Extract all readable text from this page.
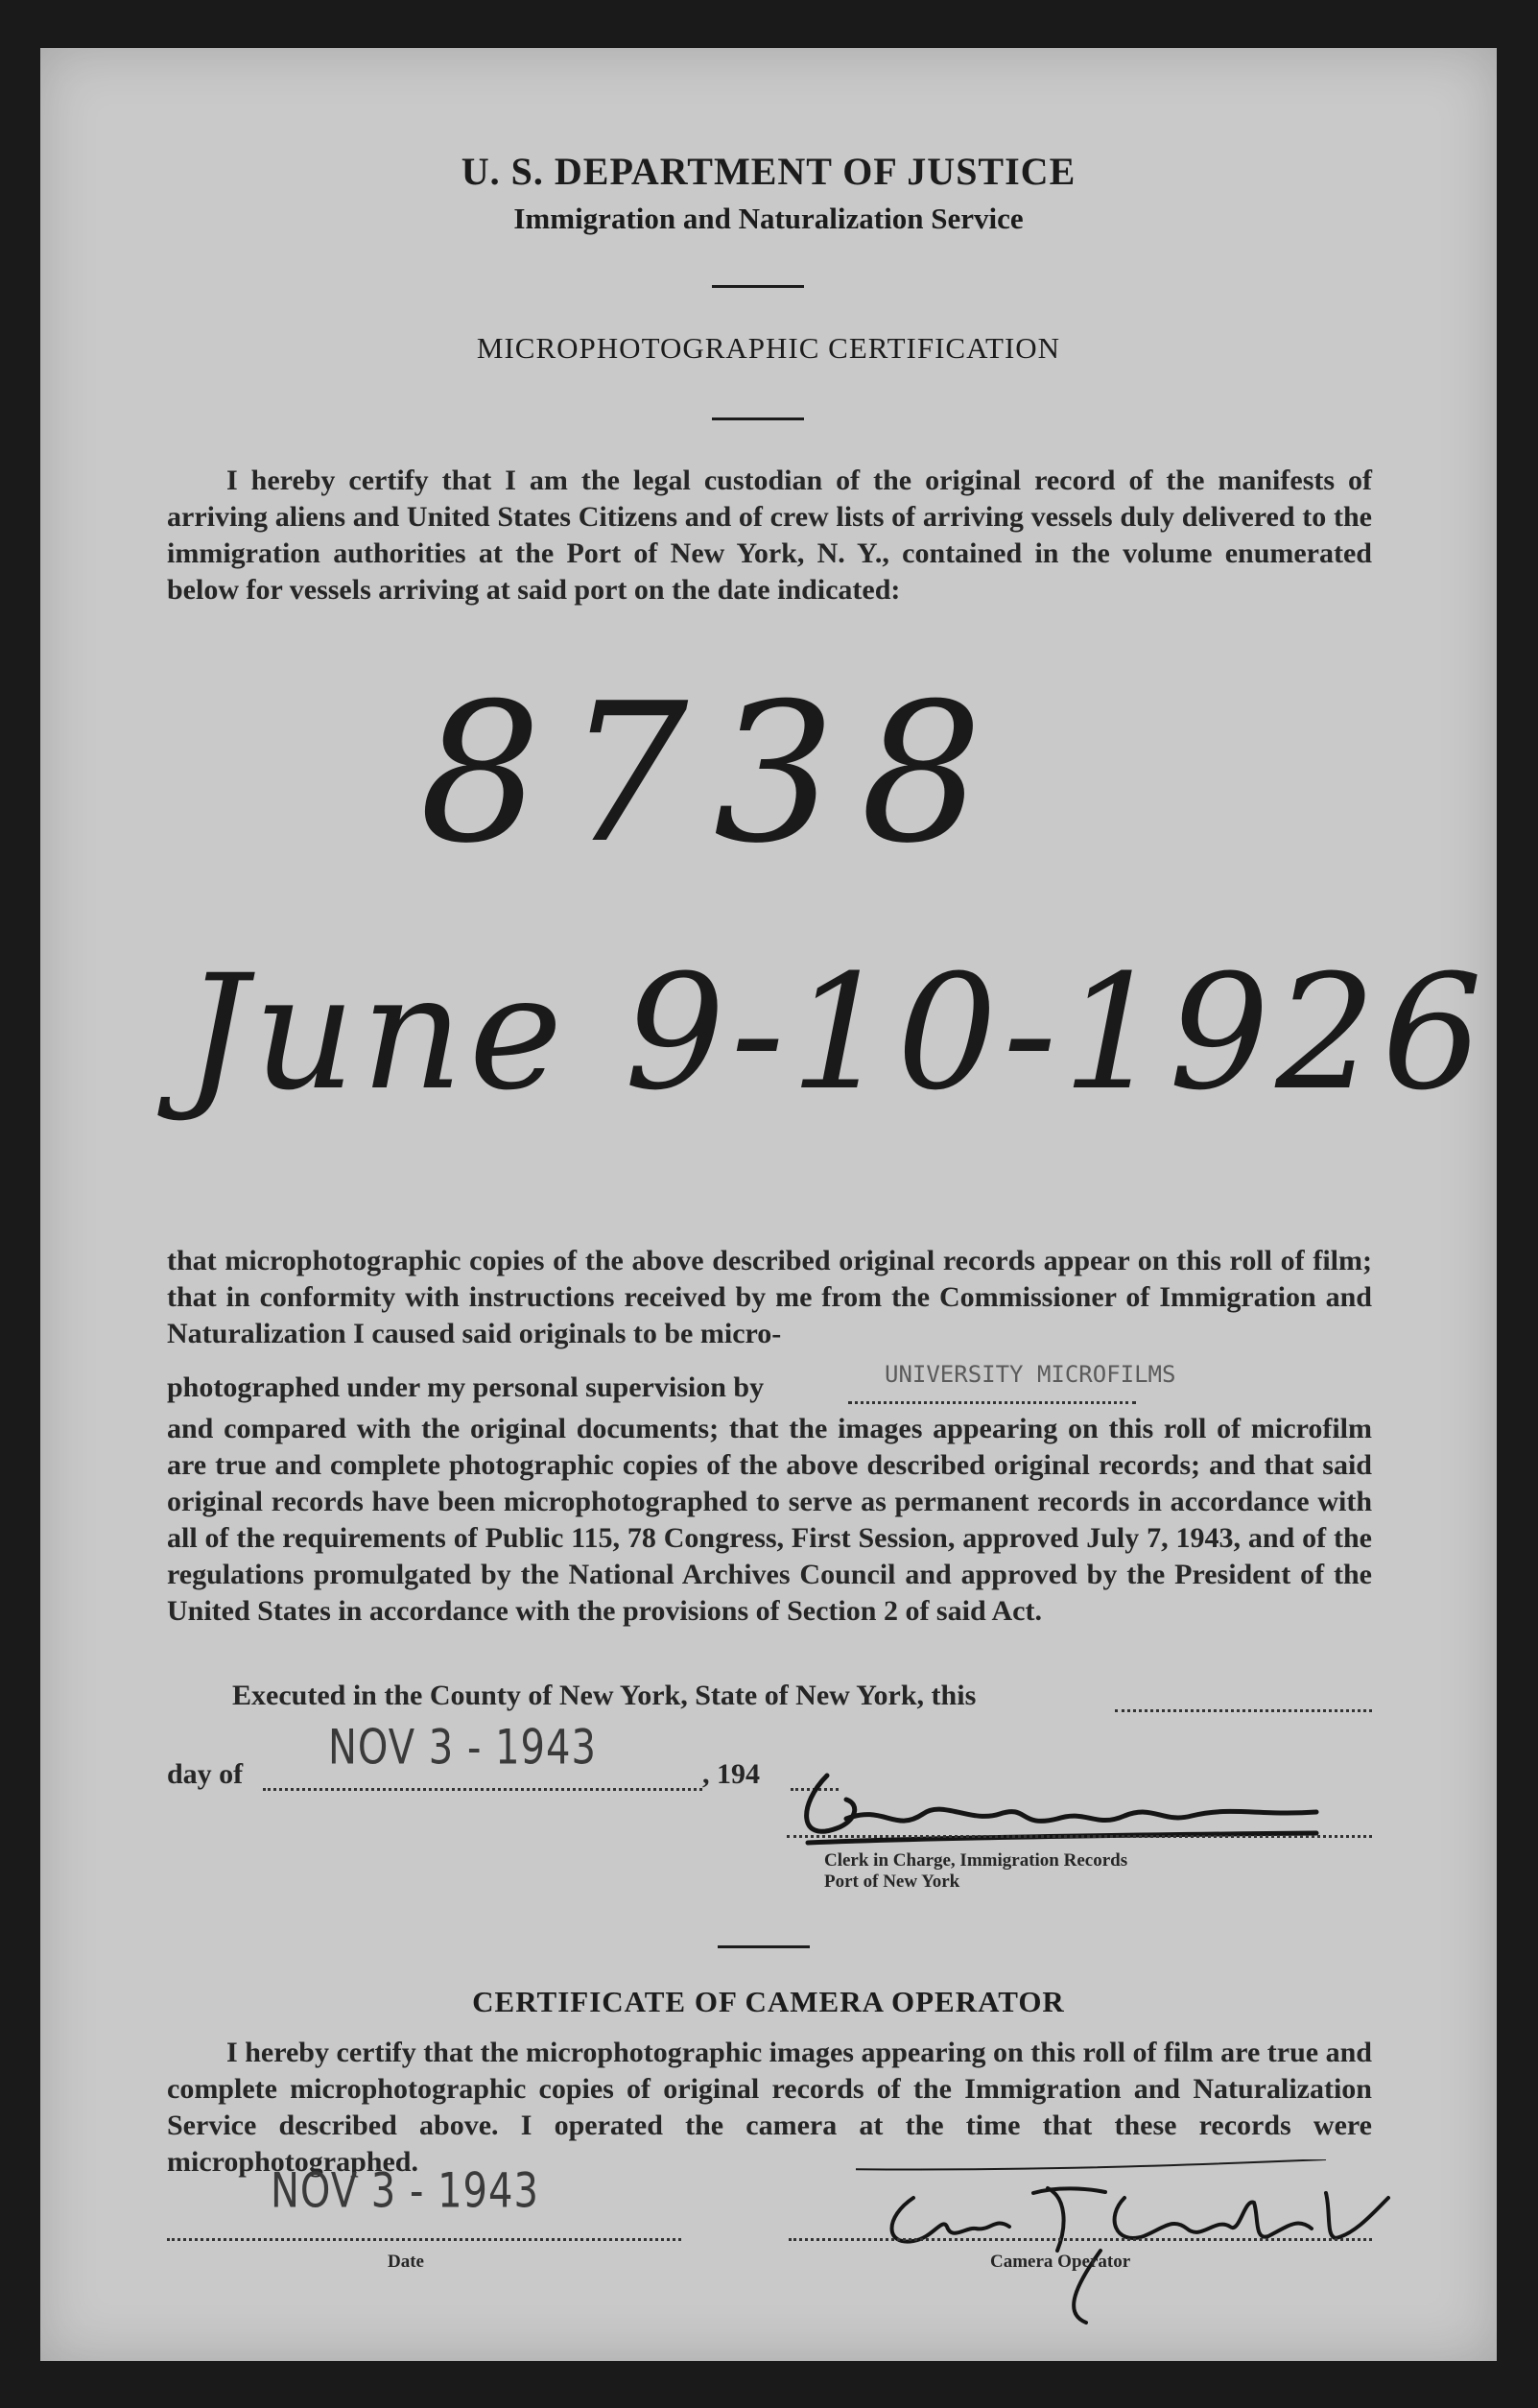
U. S. DEPARTMENT OF JUSTICE
Immigration and Naturalization Service
MICROPHOTOGRAPHIC CERTIFICATION
I hereby certify that I am the legal custodian of the original record of the manifests of arriving aliens and United States Citizens and of crew lists of arriving vessels duly delivered to the immigration authorities at the Port of New York, N. Y., contained in the volume enumerated below for vessels arriving at said port on the date indicated:
8738
June 9-10-1926
that microphotographic copies of the above described original records appear on this roll of film; that in conformity with instructions received by me from the Commissioner of Immigration and Naturalization I caused said originals to be micro-
photographed under my personal supervision by	UNIVERSITY MICROFILMS
and compared with the original documents; that the images appearing on this roll of microfilm are true and complete photographic copies of the above described original records; and that said original records have been microphotographed to serve as permanent records in accordance with all of the requirements of Public 115, 78 Congress, First Session, approved July 7, 1943, and of the regulations promulgated by the National Archives Council and approved by the President of the United States in accordance with the provisions of Section 2 of said Act.
Executed in the County of New York, State of New York, this
day of NOV 3 - 1943	, 194
Clerk in Charge, Immigration Records
Port of New York
CERTIFICATE OF CAMERA OPERATOR
I hereby certify that the microphotographic images appearing on this roll of film are true and complete microphotographic copies of original records of the Immigration and Naturalization Service described above. I operated the camera at the time that these records were microphotographed.
NOV 3 - 1943
Date	Camera Operator
